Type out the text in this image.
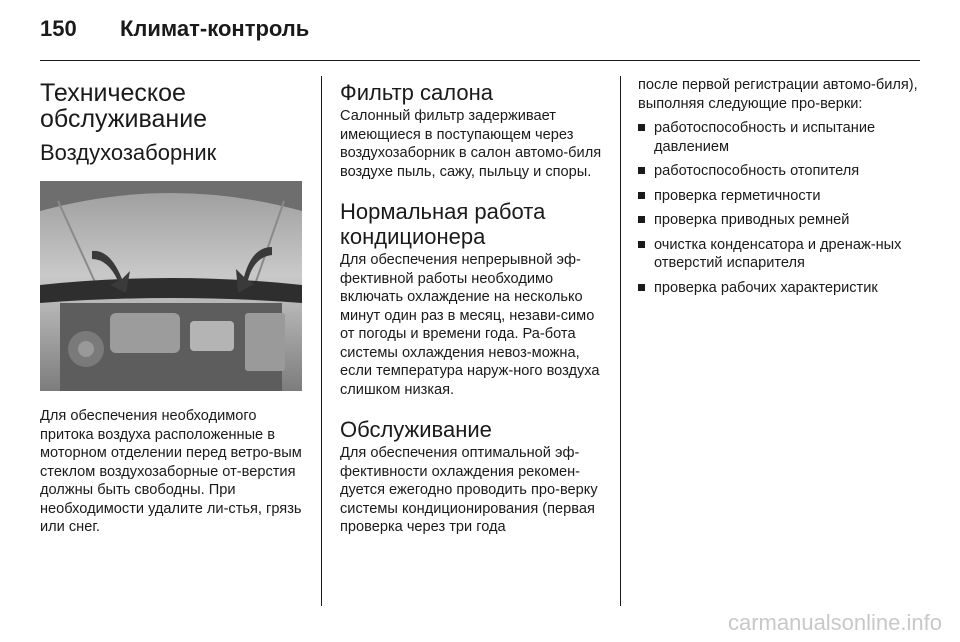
150 Климат-контроль
Техническое обслуживание
Воздухозаборник

Для обеспечения необходимого притока воздуха расположенные в моторном отделении перед ветро-вым стеклом воздухозаборные от-верстия должны быть свободны. При необходимости удалите ли-стья, грязь или снег.

Фильтр салона

Салонный фильтр задерживает имеющиеся в поступающем через воздухозаборник в салон автомо-биля воздухе пыль, сажу, пыльцу и споры.

Нормальная работа кондиционера

Для обеспечения непрерывной эф-фективной работы необходимо включать охлаждение на несколько минут один раз в месяц, незави-симо от погоды и времени года. Ра-бота системы охлаждения невоз-можна, если температура наруж-ного воздуха слишком низкая.

Обслуживание

Для обеспечения оптимальной эф-фективности охлаждения рекомен-дуется ежегодно проводить про-верку системы кондиционирования (первая проверка через три года

после первой регистрации автомо-биля), выполняя следующие про-верки:

работоспособность и испытание давлением
работоспособность отопителя
проверка герметичности
проверка приводных ремней
очистка конденсатора и дренаж-ных отверстий испарителя
проверка рабочих характеристик
carmanualsonline.info
